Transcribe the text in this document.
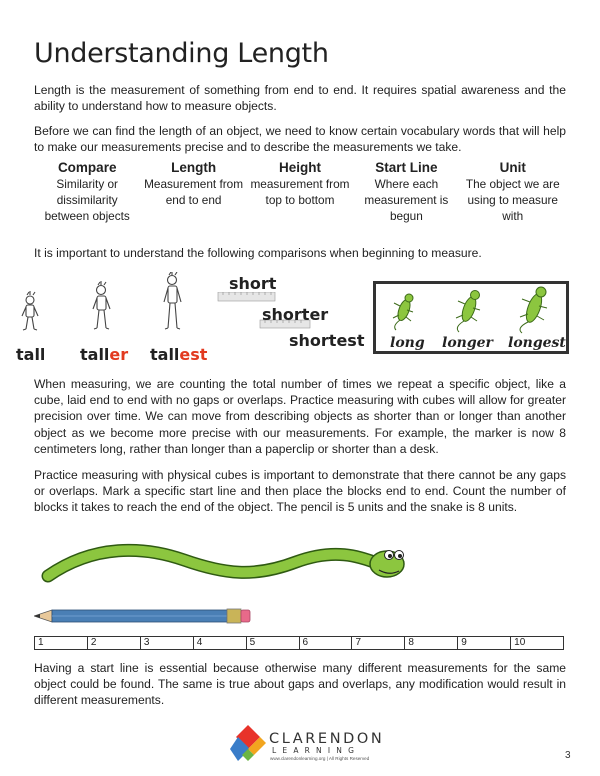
Understanding Length

Length is the measurement of something from end to end. It requires spatial awareness and the ability to understand how to measure objects.

Before we can find the length of an object, we need to know certain vocabulary words that will help to make our measurements precise and to describe the measurements we take.

Compare
Similarity or
dissimilarity
between objects
Length
Measurement from
end to end
Height
measurement from
top to bottom
Start Line
Where each
measurement is
begun
Unit
The object we are
using to measure
with

It is important to understand the following comparisons when beginning to measure.

tall taller tallest
short
shorter
shortest long longer longest

When measuring, we are counting the total number of times we repeat a specific object, like a cube, laid end to end with no gaps or overlaps. Practice measuring with cubes will allow for greater precision over time. We can move from describing objects as shorter than or longer than another object as we become more precise with our measurements. For example, the marker is now 8 centimeters long, rather than longer than a paperclip or shorter than a desk.

Practice measuring with physical cubes is important to demonstrate that there cannot be any gaps or overlaps. Mark a specific start line and then place the blocks end to end. Count the number of blocks it takes to reach the end of the object. The pencil is 5 units and the snake is 8 units.

1	2	3	4	5	6	7	8	9	10

Having a start line is essential because otherwise many different measurements for the same object could be found. The same is true about gaps and overlaps, any modification would result in different measurements.

CLARENDON
LEARNING
www.clarendonlearning.org | All Rights Reserved	3
